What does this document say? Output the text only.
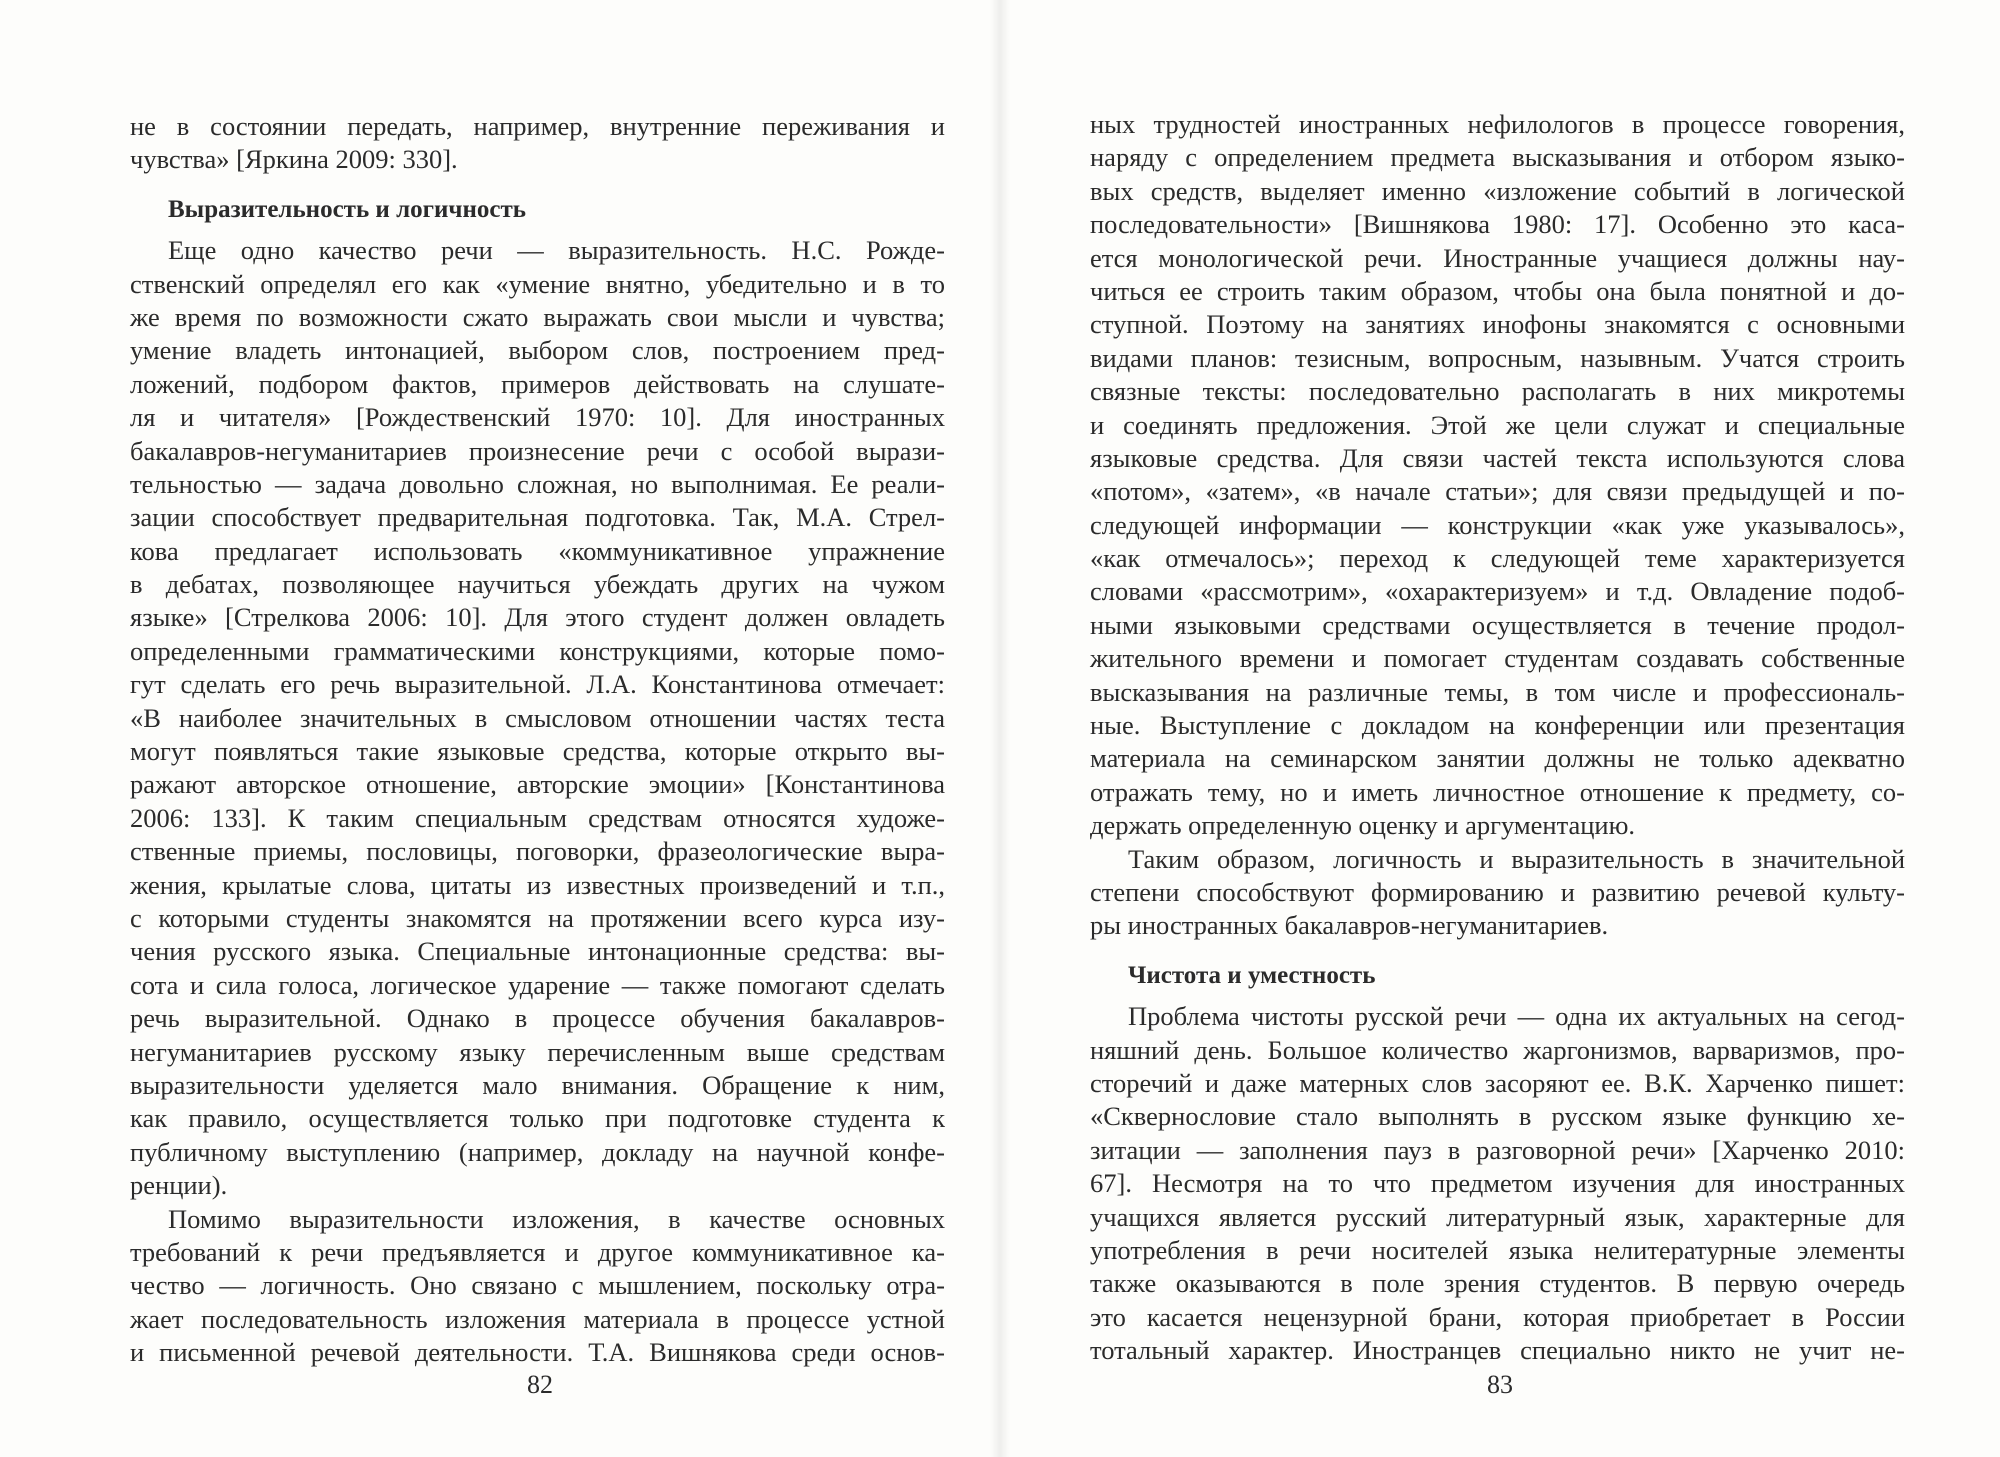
не в состоянии передать, например, внутренние переживания и
чувства» [Яркина 2009: 330].
Выразительность и логичность
Еще одно качество речи — выразительность. Н.С. Рожде-
ственский определял его как «умение внятно, убедительно и в то
же время по возможности сжато выражать свои мысли и чувства;
умение владеть интонацией, выбором слов, построением пред-
ложений, подбором фактов, примеров действовать на слушате-
ля и читателя» [Рождественский 1970: 10]. Для иностранных
бакалавров-негуманитариев произнесение речи с особой вырази-
тельностью — задача довольно сложная, но выполнимая. Ее реали-
зации способствует предварительная подготовка. Так, М.А. Стрел-
кова предлагает использовать «коммуникативное упражнение
в дебатах, позволяющее научиться убеждать других на чужом
языке» [Стрелкова 2006: 10]. Для этого студент должен овладеть
определенными грамматическими конструкциями, которые помо-
гут сделать его речь выразительной. Л.А. Константинова отмечает:
«В наиболее значительных в смысловом отношении частях теста
могут появляться такие языковые средства, которые открыто вы-
ражают авторское отношение, авторские эмоции» [Константинова
2006: 133]. К таким специальным средствам относятся художе-
ственные приемы, пословицы, поговорки, фразеологические выра-
жения, крылатые слова, цитаты из известных произведений и т.п.,
с которыми студенты знакомятся на протяжении всего курса изу-
чения русского языка. Специальные интонационные средства: вы-
сота и сила голоса, логическое ударение — также помогают сделать
речь выразительной. Однако в процессе обучения бакалавров-
негуманитариев русскому языку перечисленным выше средствам
выразительности уделяется мало внимания. Обращение к ним,
как правило, осуществляется только при подготовке студента к
публичному выступлению (например, докладу на научной конфе-
ренции).
Помимо выразительности изложения, в качестве основных
требований к речи предъявляется и другое коммуникативное ка-
чество — логичность. Оно связано с мышлением, поскольку отра-
жает последовательность изложения материала в процессе устной
и письменной речевой деятельности. Т.А. Вишнякова среди основ-
82
ных трудностей иностранных нефилологов в процессе говорения,
наряду с определением предмета высказывания и отбором языко-
вых средств, выделяет именно «изложение событий в логической
последовательности» [Вишнякова 1980: 17]. Особенно это каса-
ется монологической речи. Иностранные учащиеся должны нау-
читься ее строить таким образом, чтобы она была понятной и до-
ступной. Поэтому на занятиях инофоны знакомятся с основными
видами планов: тезисным, вопросным, назывным. Учатся строить
связные тексты: последовательно располагать в них микротемы
и соединять предложения. Этой же цели служат и специальные
языковые средства. Для связи частей текста используются слова
«потом», «затем», «в начале статьи»; для связи предыдущей и по-
следующей информации — конструкции «как уже указывалось»,
«как отмечалось»; переход к следующей теме характеризуется
словами «рассмотрим», «охарактеризуем» и т.д. Овладение подоб-
ными языковыми средствами осуществляется в течение продол-
жительного времени и помогает студентам создавать собственные
высказывания на различные темы, в том числе и профессиональ-
ные. Выступление с докладом на конференции или презентация
материала на семинарском занятии должны не только адекватно
отражать тему, но и иметь личностное отношение к предмету, со-
держать определенную оценку и аргументацию.
Таким образом, логичность и выразительность в значительной
степени способствуют формированию и развитию речевой культу-
ры иностранных бакалавров-негуманитариев.
Чистота и уместность
Проблема чистоты русской речи — одна их актуальных на сегод-
няшний день. Большое количество жаргонизмов, варваризмов, про-
сторечий и даже матерных слов засоряют ее. В.К. Харченко пишет:
«Сквернословие стало выполнять в русском языке функцию хе-
зитации — заполнения пауз в разговорной речи» [Харченко 2010:
67]. Несмотря на то что предметом изучения для иностранных
учащихся является русский литературный язык, характерные для
употребления в речи носителей языка нелитературные элементы
также оказываются в поле зрения студентов. В первую очередь
это касается нецензурной брани, которая приобретает в России
тотальный характер. Иностранцев специально никто не учит не-
83
